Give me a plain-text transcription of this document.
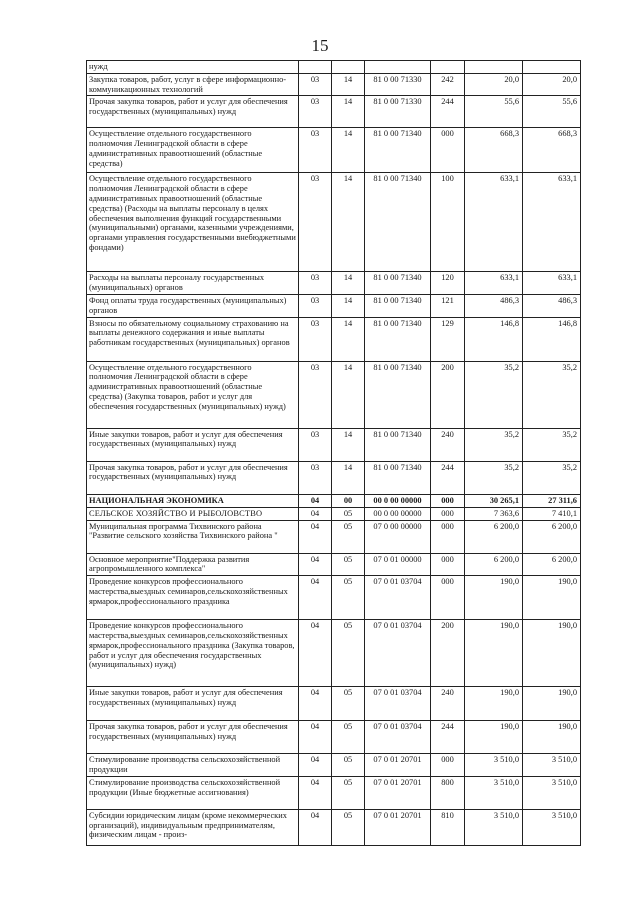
15
нужд						
Закупка товаров, работ, услуг в сфере информационно-коммуникационных технологий	03	14	81 0 00 71330	242	20,0	20,0
Прочая закупка товаров, работ и услуг для обеспечения государственных (муниципальных) нужд	03	14	81 0 00 71330	244	55,6	55,6
Осуществление отдельного государственного полномочия Ленинградской области в сфере административных правоотношений (областные средства)	03	14	81 0 00 71340	000	668,3	668,3
Осуществление отдельного государственного полномочия Ленинградской области в сфере административных правоотношений (областные средства) (Расходы на выплаты персоналу в целях обеспечения выполнения функций государственными (муниципальными) органами, казенными учреждениями, органами управления государственными внебюджетными фондами)	03	14	81 0 00 71340	100	633,1	633,1
Расходы на выплаты персоналу государственных (муниципальных) органов	03	14	81 0 00 71340	120	633,1	633,1
Фонд оплаты труда государственных (муниципальных) органов	03	14	81 0 00 71340	121	486,3	486,3
Взносы по обязательному социальному страхованию на выплаты денежного содержания и иные выплаты работникам государственных (муниципальных) органов	03	14	81 0 00 71340	129	146,8	146,8
Осуществление отдельного государственного полномочия Ленинградской области в сфере административных правоотношений (областные средства) (Закупка товаров, работ и услуг для обеспечения государственных (муниципальных) нужд)	03	14	81 0 00 71340	200	35,2	35,2
Иные закупки товаров, работ и услуг для обеспечения государственных (муниципальных) нужд	03	14	81 0 00 71340	240	35,2	35,2
Прочая закупка товаров, работ и услуг для обеспечения государственных (муниципальных) нужд	03	14	81 0 00 71340	244	35,2	35,2
НАЦИОНАЛЬНАЯ ЭКОНОМИКА	04	00	00 0 00 00000	000	30 265,1	27 311,6
СЕЛЬСКОЕ ХОЗЯЙСТВО И РЫБОЛОВСТВО	04	05	00 0 00 00000	000	7 363,6	7 410,1
Муниципальная программа Тихвинского района "Развитие сельского хозяйства Тихвинского района "	04	05	07 0 00 00000	000	6 200,0	6 200,0
Основное мероприятие"Поддержка развития агропромышленного комплекса"	04	05	07 0 01 00000	000	6 200,0	6 200,0
Проведение конкурсов профессионального мастерства,выездных семинаров,сельскохозяйственных ярмарок,профессионального праздника	04	05	07 0 01 03704	000	190,0	190,0
Проведение конкурсов профессионального мастерства,выездных семинаров,сельскохозяйственных ярмарок,профессионального праздника (Закупка товаров, работ и услуг для обеспечения государственных (муниципальных) нужд)	04	05	07 0 01 03704	200	190,0	190,0
Иные закупки товаров, работ и услуг для обеспечения государственных (муниципальных) нужд	04	05	07 0 01 03704	240	190,0	190,0
Прочая закупка товаров, работ и услуг для обеспечения государственных (муниципальных) нужд	04	05	07 0 01 03704	244	190,0	190,0
Стимулирование производства сельскохозяйственной продукции	04	05	07 0 01 20701	000	3 510,0	3 510,0
Стимулирование производства сельскохозяйственной продукции (Иные бюджетные ассигнования)	04	05	07 0 01 20701	800	3 510,0	3 510,0
Субсидии юридическим лицам (кроме некоммерческих организаций), индивидуальным предпринимателям, физическим лицам - произ-	04	05	07 0 01 20701	810	3 510,0	3 510,0
